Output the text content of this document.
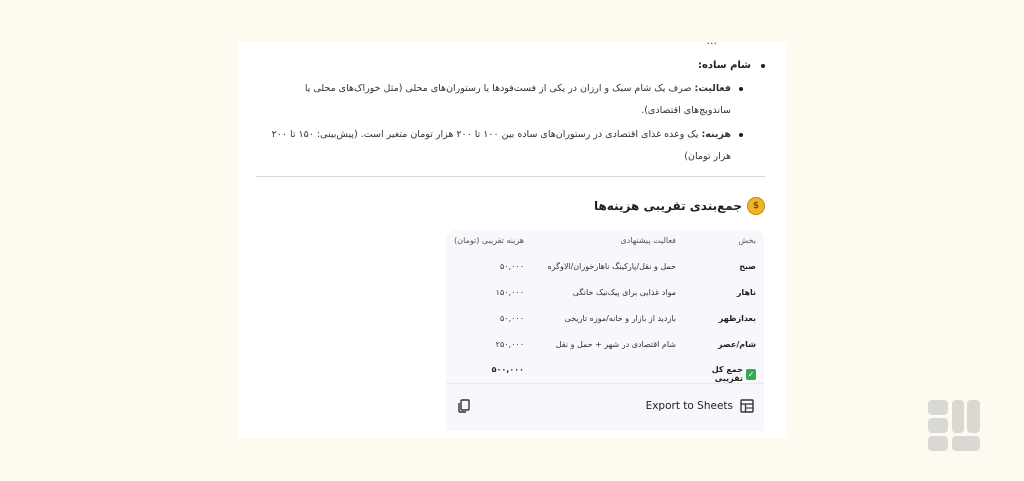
...
شام ساده:
فعالیت: صرف یک شام سبک و ارزان در یکی از فست‌فودها یا رستوران‌های محلی (مثل خوراک‌های محلی یا ساندویچ‌های اقتصادی).
هزینه: یک وعده غذای اقتصادی در رستوران‌های ساده بین ۱۰۰ تا ۲۰۰ هزار تومان متغیر است. (پیش‌بینی: ۱۵۰ تا ۲۰۰ هزار تومان)
$
جمع‌بندی تقریبی هزینه‌ها
بخش
فعالیت پیشنهادی
هزینه تقریبی (تومان)
صبح
حمل و نقل/پارکینگ ناهارخوران/الاوگره
۵۰,۰۰۰
ناهار
مواد غذایی برای پیک‌نیک خانگی
۱۵۰,۰۰۰
بعدازظهر
بازدید از بازار و خانه/موزه تاریخی
۵۰,۰۰۰
شام/عصر
شام اقتصادی در شهر + حمل و نقل
۲۵۰,۰۰۰
✓
جمع کل تقریبی
۵۰۰,۰۰۰
Export to Sheets
